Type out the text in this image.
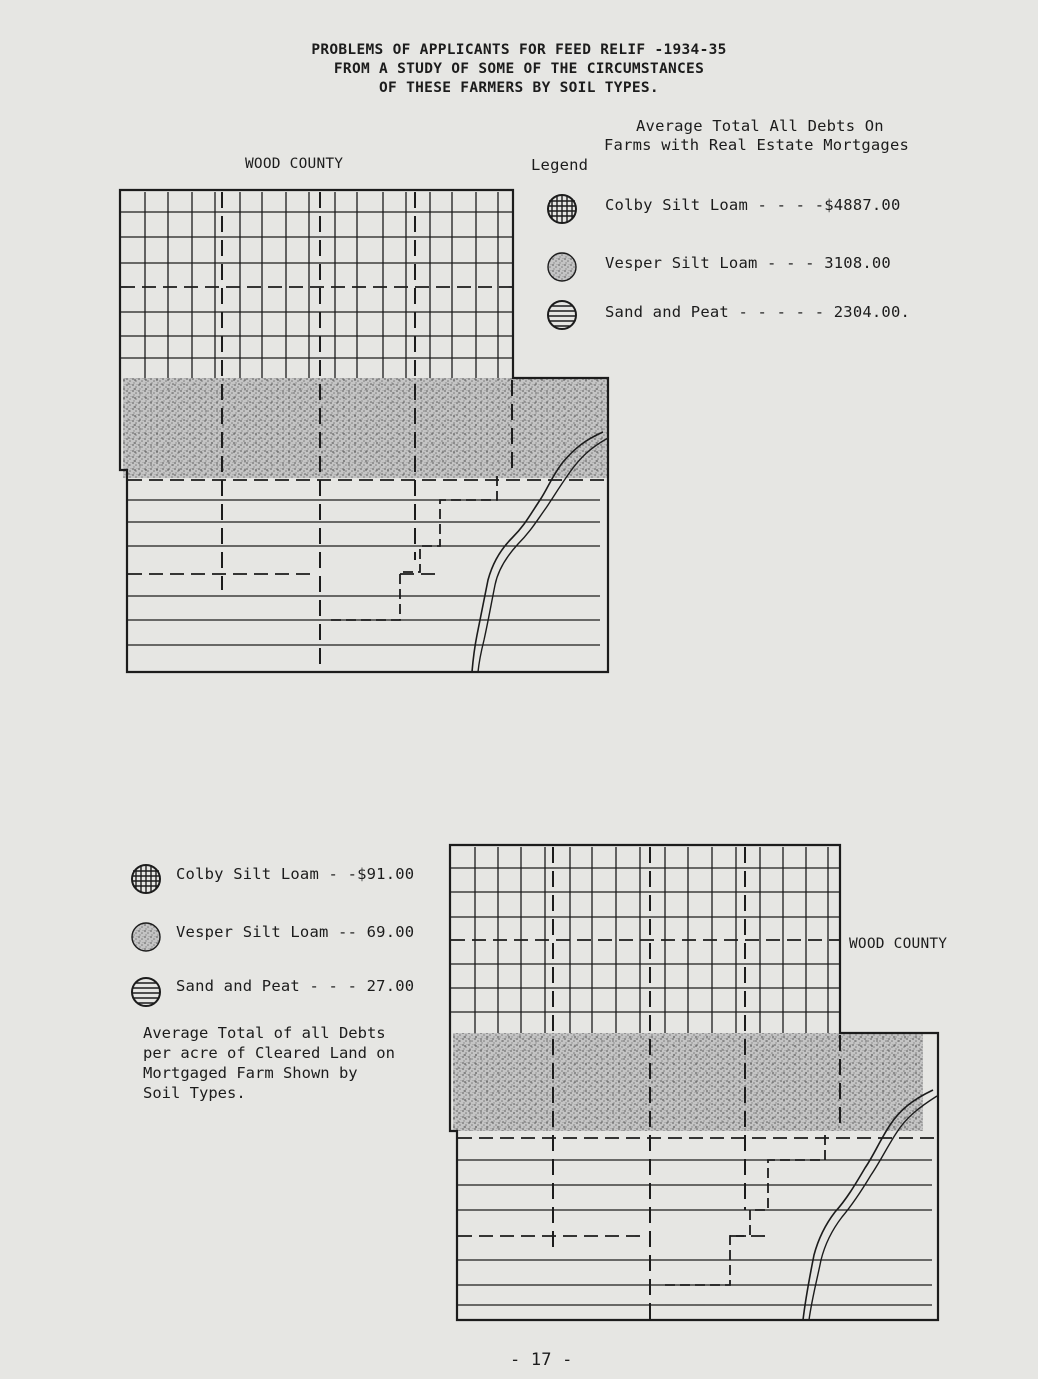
PROBLEMS OF APPLICANTS FOR FEED RELIF -1934-35
FROM A STUDY OF SOME OF THE CIRCUMSTANCES
OF THESE FARMERS BY SOIL TYPES.
Average Total All Debts On
Farms with Real Estate Mortgages
WOOD COUNTY	Legend
Colby Silt Loam - - - -$4887.00
Vesper Silt Loam - - - 3108.00
Sand and Peat - - - - - 2304.00.
WOOD COUNTY
Colby Silt Loam - -$91.00
Vesper Silt Loam -- 69.00
Sand and Peat - - - 27.00
Average Total of all Debts
per acre of Cleared Land on
Mortgaged Farm Shown by
Soil Types.
- 17 -
